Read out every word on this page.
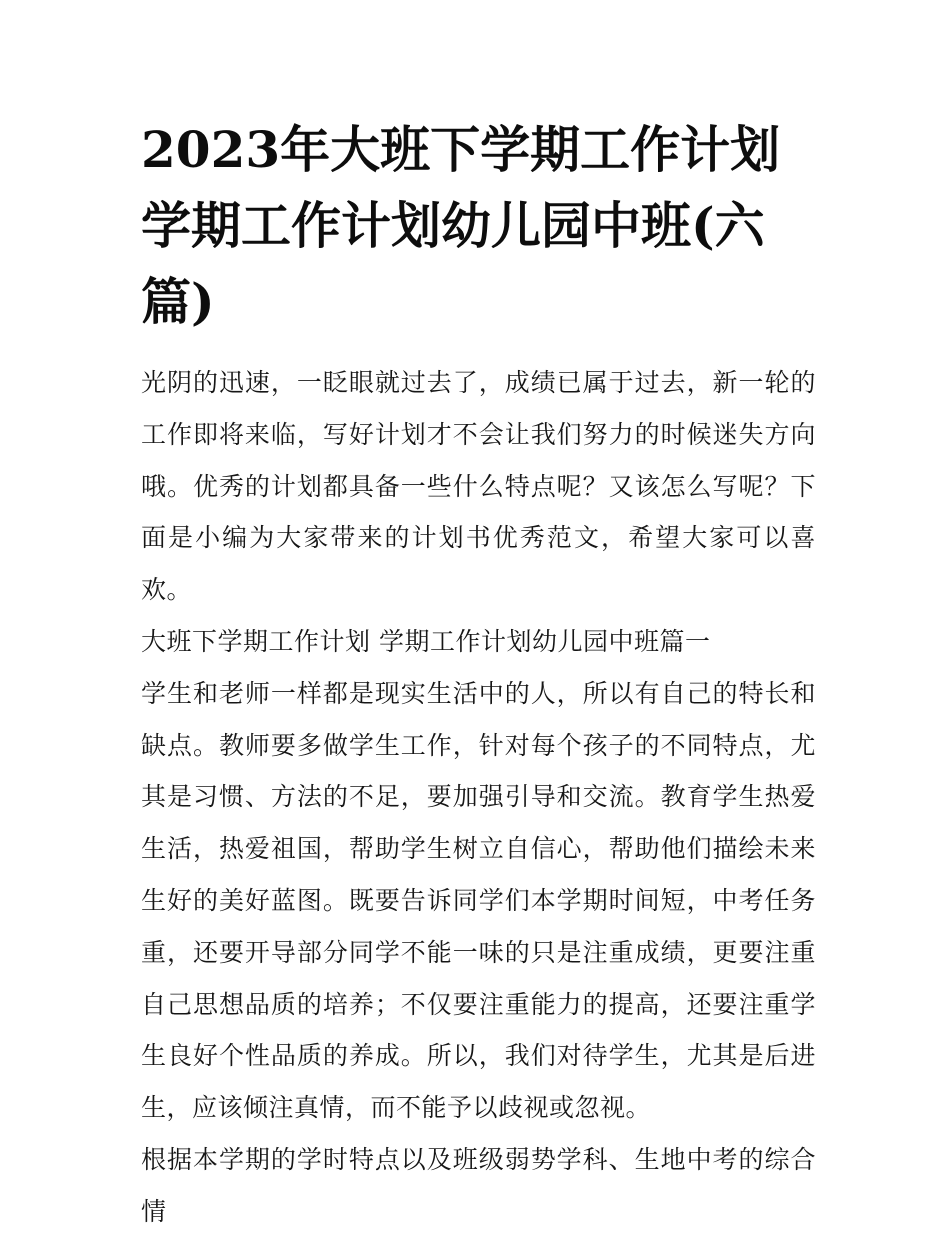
2023年大班下学期工作计划 学期工作计划幼儿园中班(六篇)

光阴的迅速，一眨眼就过去了，成绩已属于过去，新一轮的工作即将来临，写好计划才不会让我们努力的时候迷失方向哦。优秀的计划都具备一些什么特点呢？又该怎么写呢？下面是小编为大家带来的计划书优秀范文，希望大家可以喜欢。

大班下学期工作计划 学期工作计划幼儿园中班篇一

学生和老师一样都是现实生活中的人，所以有自己的特长和缺点。教师要多做学生工作，针对每个孩子的不同特点，尤其是习惯、方法的不足，要加强引导和交流。教育学生热爱生活，热爱祖国，帮助学生树立自信心，帮助他们描绘未来生好的美好蓝图。既要告诉同学们本学期时间短，中考任务重，还要开导部分同学不能一味的只是注重成绩，更要注重自己思想品质的培养；不仅要注重能力的提高，还要注重学生良好个性品质的养成。所以，我们对待学生，尤其是后进生，应该倾注真情，而不能予以歧视或忽视。

根据本学期的学时特点以及班级弱势学科、生地中考的综合情
